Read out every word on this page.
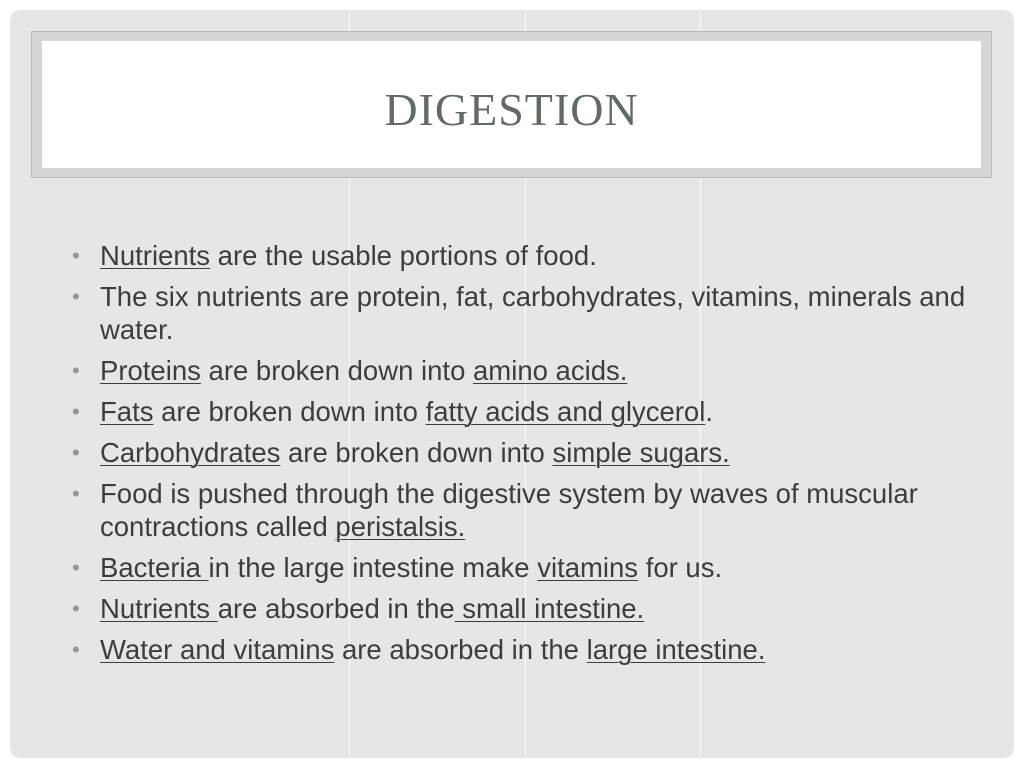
DIGESTION
• Nutrients are the usable portions of food.
• The six nutrients are protein, fat, carbohydrates, vitamins, minerals and water.
• Proteins are broken down into amino acids.
• Fats are broken down into fatty acids and glycerol.
• Carbohydrates are broken down into simple sugars.
• Food is pushed through the digestive system by waves of muscular contractions called peristalsis.
• Bacteria in the large intestine make vitamins for us.
• Nutrients are absorbed in the small intestine.
• Water and vitamins are absorbed in the large intestine.
